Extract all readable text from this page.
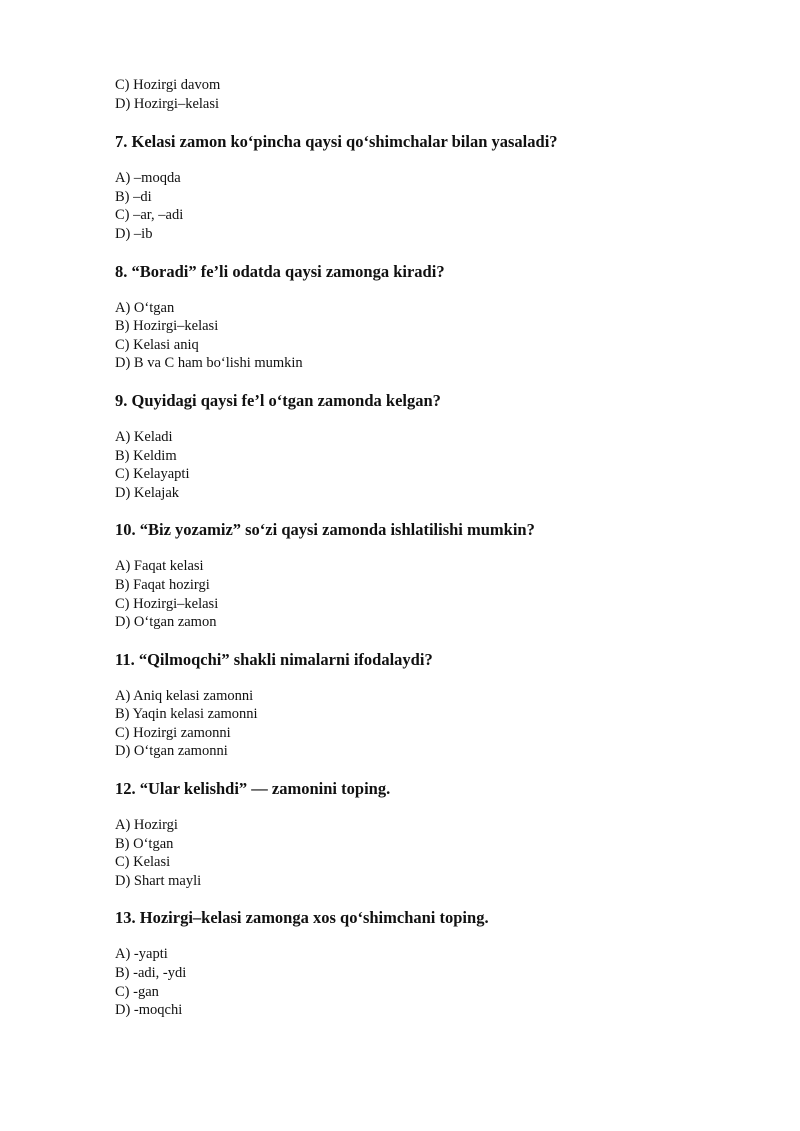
C) Hozirgi davom
D) Hozirgi–kelasi
7. Kelasi zamon ko‘pincha qaysi qo‘shimchalar bilan yasaladi?
A) –moqda
B) –di
C) –ar, –adi
D) –ib
8. “Boradi” fe’li odatda qaysi zamonga kiradi?
A) O‘tgan
B) Hozirgi–kelasi
C) Kelasi aniq
D) B va C ham bo‘lishi mumkin
9. Quyidagi qaysi fe’l o‘tgan zamonda kelgan?
A) Keladi
B) Keldim
C) Kelayapti
D) Kelajak
10. “Biz yozamiz” so‘zi qaysi zamonda ishlatilishi mumkin?
A) Faqat kelasi
B) Faqat hozirgi
C) Hozirgi–kelasi
D) O‘tgan zamon
11. “Qilmoqchi” shakli nimalarni ifodalaydi?
A) Aniq kelasi zamonni
B) Yaqin kelasi zamonni
C) Hozirgi zamonni
D) O‘tgan zamonni
12. “Ular kelishdi” — zamonini toping.
A) Hozirgi
B) O‘tgan
C) Kelasi
D) Shart mayli
13. Hozirgi–kelasi zamonga xos qo‘shimchani toping.
A) -yapti
B) -adi, -ydi
C) -gan
D) -moqchi
